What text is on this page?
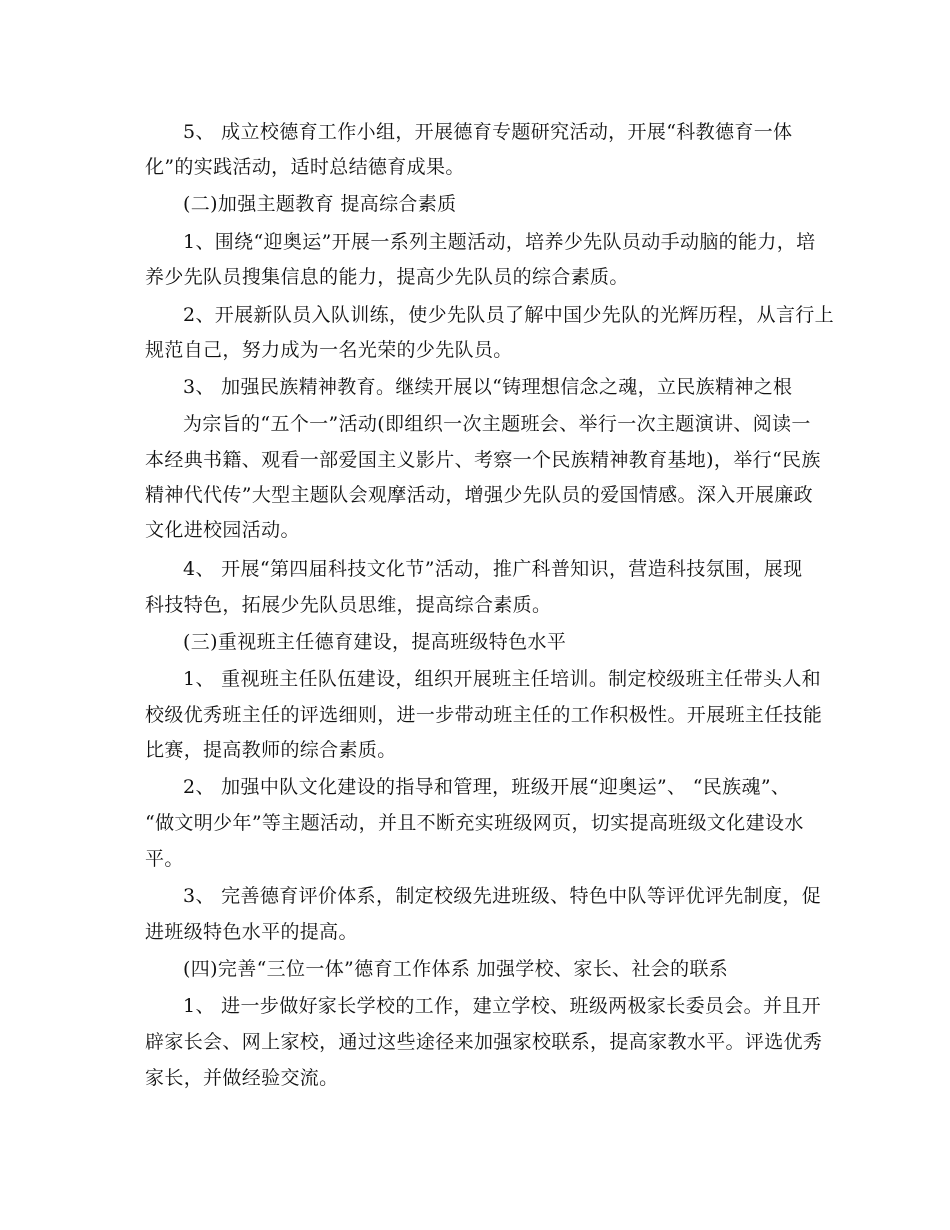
5、 成立校德育工作小组，开展德育专题研究活动，开展“科教德育一体
化”的实践活动，适时总结德育成果。
(二)加强主题教育 提高综合素质
1、围绕“迎奥运”开展一系列主题活动，培养少先队员动手动脑的能力，培
养少先队员搜集信息的能力，提高少先队员的综合素质。
2、开展新队员入队训练，使少先队员了解中国少先队的光辉历程，从言行上
规范自己，努力成为一名光荣的少先队员。
3、 加强民族精神教育。继续开展以“铸理想信念之魂，立民族精神之根
为宗旨的“五个一”活动(即组织一次主题班会、举行一次主题演讲、阅读一
本经典书籍、观看一部爱国主义影片、考察一个民族精神教育基地)，举行“民族
精神代代传”大型主题队会观摩活动，增强少先队员的爱国情感。深入开展廉政
文化进校园活动。
4、 开展“第四届科技文化节”活动，推广科普知识，营造科技氛围，展现
科技特色，拓展少先队员思维，提高综合素质。
(三)重视班主任德育建设，提高班级特色水平
1、 重视班主任队伍建设，组织开展班主任培训。制定校级班主任带头人和
校级优秀班主任的评选细则，进一步带动班主任的工作积极性。开展班主任技能
比赛，提高教师的综合素质。
2、 加强中队文化建设的指导和管理，班级开展“迎奥运”、 “民族魂”、
“做文明少年”等主题活动，并且不断充实班级网页，切实提高班级文化建设水
平。
3、 完善德育评价体系，制定校级先进班级、特色中队等评优评先制度，促
进班级特色水平的提高。
(四)完善“三位一体”德育工作体系 加强学校、家长、社会的联系
1、 进一步做好家长学校的工作，建立学校、班级两极家长委员会。并且开
辟家长会、网上家校，通过这些途径来加强家校联系，提高家教水平。评选优秀
家长，并做经验交流。
